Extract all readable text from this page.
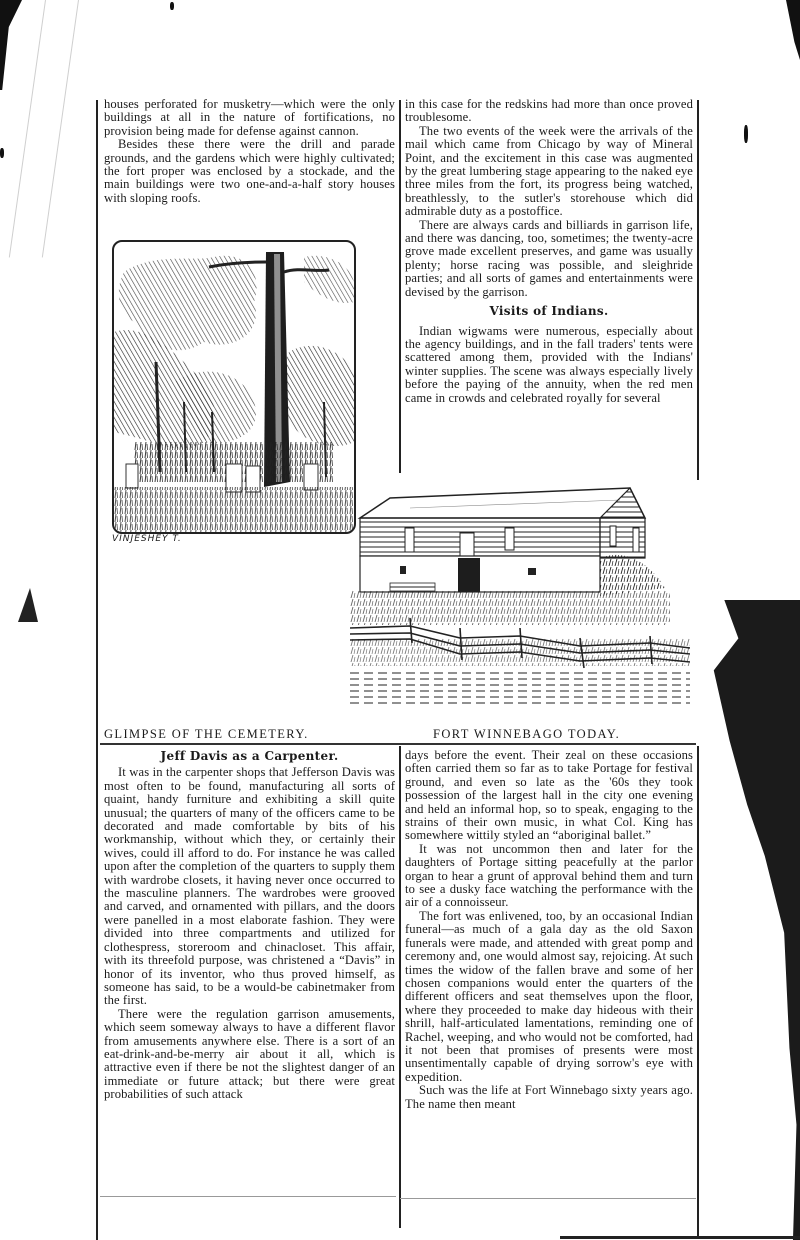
houses perforated for musketry—which were the only buildings at all in the nature of fortifications, no provision being made for defense against cannon.

Besides these there were the drill and parade grounds, and the gardens which were highly cultivated; the fort proper was enclosed by a stockade, and the main buildings were two one-and-a-half story houses with sloping roofs.

in this case for the redskins had more than once proved troublesome.

The two events of the week were the arrivals of the mail which came from Chicago by way of Mineral Point, and the excitement in this case was augmented by the great lumbering stage appearing to the naked eye three miles from the fort, its progress being watched, breathlessly, to the sutler's storehouse which did admirable duty as a postoffice.

There are always cards and billiards in garrison life, and there was dancing, too, sometimes; the twenty-acre grove made excellent preserves, and game was usually plenty; horse racing was possible, and sleighride parties; and all sorts of games and entertainments were devised by the garrison.

Visits of Indians.

Indian wigwams were numerous, especially about the agency buildings, and in the fall traders' tents were scattered among them, provided with the Indians' winter supplies. The scene was always especially lively before the paying of the annuity, when the red men came in crowds and celebrated royally for several

VINJESHEY T.
GLIMPSE OF THE CEMETERY.	FORT WINNEBAGO TODAY.
Jeff Davis as a Carpenter.

It was in the carpenter shops that Jefferson Davis was most often to be found, manufacturing all sorts of quaint, handy furniture and exhibiting a skill quite unusual; the quarters of many of the officers came to be decorated and made comfortable by bits of his workmanship, without which they, or certainly their wives, could ill afford to do. For instance he was called upon after the completion of the quarters to supply them with wardrobe closets, it having never once occurred to the masculine planners. The wardrobes were grooved and carved, and ornamented with pillars, and the doors were panelled in a most elaborate fashion. They were divided into three compartments and utilized for clothespress, storeroom and chinacloset. This affair, with its threefold purpose, was christened a “Davis” in honor of its inventor, who thus proved himself, as someone has said, to be a would-be cabinetmaker from the first.

There were the regulation garrison amusements, which seem someway always to have a different flavor from amusements anywhere else. There is a sort of an eat-drink-and-be-merry air about it all, which is attractive even if there be not the slightest danger of an immediate or future attack; but there were great probabilities of such attack

days before the event. Their zeal on these occasions often carried them so far as to take Portage for festival ground, and even so late as the '60s they took possession of the largest hall in the city one evening and held an informal hop, so to speak, engaging to the strains of their own music, in what Col. King has somewhere wittily styled an “aboriginal ballet.”

It was not uncommon then and later for the daughters of Portage sitting peacefully at the parlor organ to hear a grunt of approval behind them and turn to see a dusky face watching the performance with the air of a connoisseur.

The fort was enlivened, too, by an occasional Indian funeral—as much of a gala day as the old Saxon funerals were made, and attended with great pomp and ceremony and, one would almost say, rejoicing. At such times the widow of the fallen brave and some of her chosen companions would enter the quarters of the different officers and seat themselves upon the floor, where they proceeded to make day hideous with their shrill, half-articulated lamentations, reminding one of Rachel, weeping, and who would not be comforted, had it not been that promises of presents were most unsentimentally capable of drying sorrow's eye with expedition.

Such was the life at Fort Winnebago sixty years ago. The name then meant
